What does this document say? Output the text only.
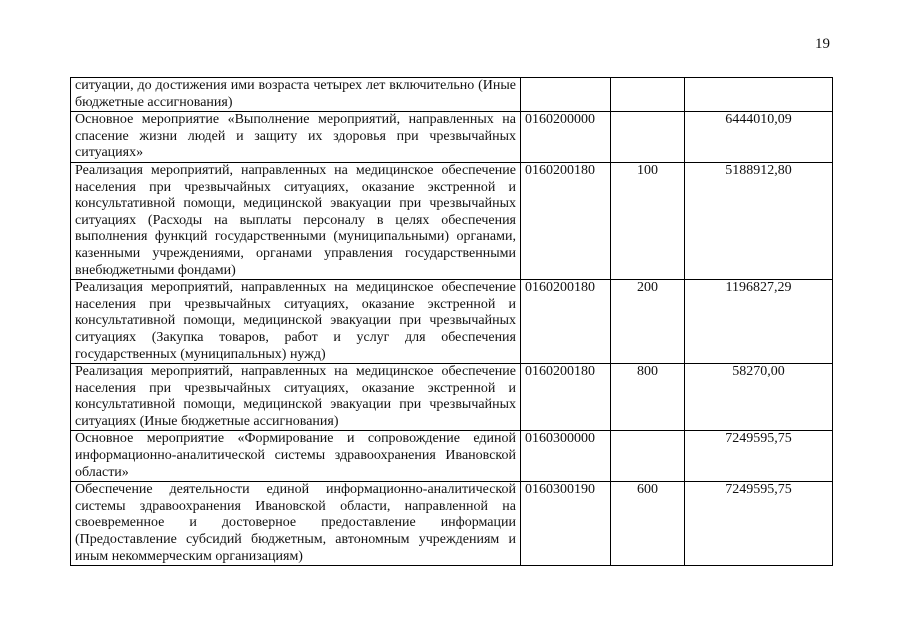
19
ситуации, до достижения ими возраста четырех лет включительно (Иные бюджетные ассигнования)			
Основное мероприятие «Выполнение мероприятий, направленных на спасение жизни людей и защиту их здоровья при чрезвычайных ситуациях»	0160200000		6444010,09
Реализация мероприятий, направленных на медицинское обеспечение населения при чрезвычайных ситуациях, оказание экстренной и консультативной помощи, медицинской эвакуации при чрезвычайных ситуациях (Расходы на выплаты персоналу в целях обеспечения выполнения функций государственными (муниципальными) органами, казенными учреждениями, органами управления государственными внебюджетными фондами)	0160200180	100	5188912,80
Реализация мероприятий, направленных на медицинское обеспечение населения при чрезвычайных ситуациях, оказание экстренной и консультативной помощи, медицинской эвакуации при чрезвычайных ситуациях (Закупка товаров, работ и услуг для обеспечения государственных (муниципальных) нужд)	0160200180	200	1196827,29
Реализация мероприятий, направленных на медицинское обеспечение населения при чрезвычайных ситуациях, оказание экстренной и консультативной помощи, медицинской эвакуации при чрезвычайных ситуациях (Иные бюджетные ассигнования)	0160200180	800	58270,00
Основное мероприятие «Формирование и сопровождение единой информационно-аналитической системы здравоохранения Ивановской области»	0160300000		7249595,75
Обеспечение деятельности единой информационно-аналитической системы здравоохранения Ивановской области, направленной на своевременное и достоверное предоставление информации (Предоставление субсидий бюджетным, автономным учреждениям и иным некоммерческим организациям)	0160300190	600	7249595,75
